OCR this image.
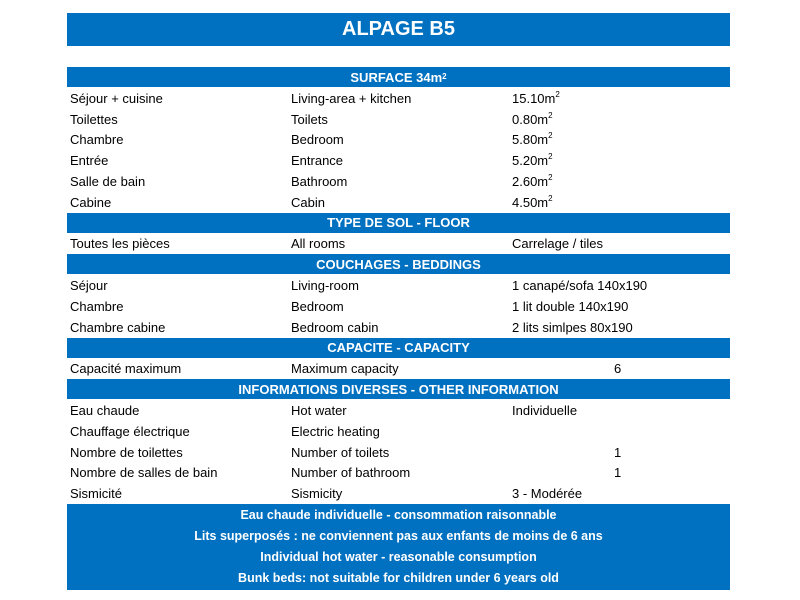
ALPAGE B5
SURFACE 34m 2
Séjour + cuisine	Living-area + kitchen	$15.10m^2$
Toilettes	Toilets	$0.80m^2$
Chambre	Bedroom	$5.80m^2$
Entrée	Entrance	$5.20m^2$
Salle de bain	Bathroom	$2.60m^2$
Cabine	Cabin	$4.50m^2$
TYPE DE SOL - FLOOR
Toutes les pièces	All rooms	Carrelage / tiles
COUCHAGES - BEDDINGS
Séjour	Living-room	1 canapé/sofa 140x190
Chambre	Bedroom	1 lit double 140x190
Chambre cabine	Bedroom cabin	2 lits simlpes 80x190
CAPACITE - CAPACITY
Capacité maximum	Maximum capacity	6
INFORMATIONS DIVERSES - OTHER INFORMATION
Eau chaude	Hot water	Individuelle
Chauffage électrique	Electric heating
Nombre de toilettes	Number of toilets	1
Nombre de salles de bain	Number of bathroom	1
Sismicité	Sismicity	3 - Modérée
Eau chaude individuelle - consommation raisonnable
Lits superposés : ne conviennent pas aux enfants de moins de 6 ans
Individual hot water - reasonable consumption
Bunk beds: not suitable for children under 6 years old
